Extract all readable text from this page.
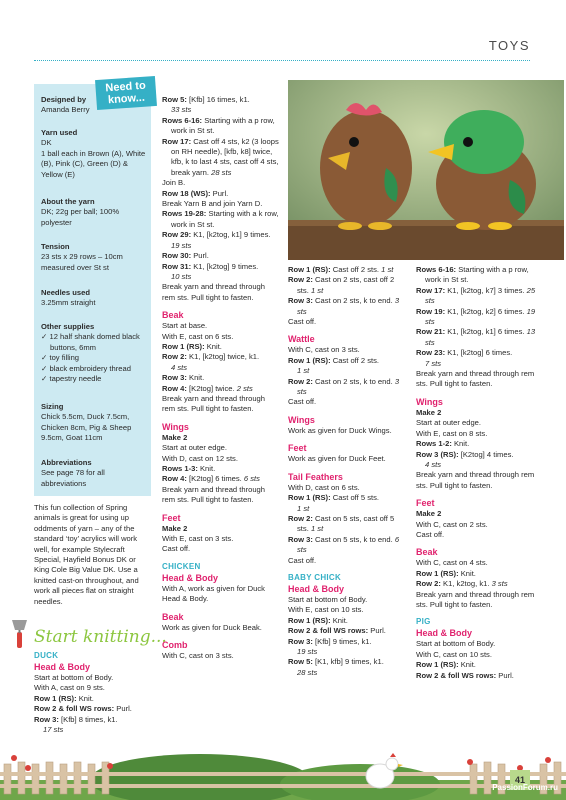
TOYS
Need to know...
Designed by
Amanda Berry
Yarn used
DK
1 ball each in Brown (A), White (B), Pink (C), Green (D) & Yellow (E)
About the yarn
DK; 22g per ball; 100% polyester
Tension
23 sts x 29 rows – 10cm measured over St st
Needles used
3.25mm straight
Other supplies
✓ 12 half shank domed black buttons, 6mm
✓ toy filling
✓ black embroidery thread
✓ tapestry needle
Sizing
Chick 5.5cm, Duck 7.5cm, Chicken 8cm, Pig & Sheep 9.5cm, Goat 11cm
Abbreviations
See page 78 for all abbreviations
This fun collection of Spring animals is great for using up oddments of yarn – any of the standard ‘toy’ acrylics will work well, for example Stylecraft Special, Hayfield Bonus DK or King Cole Big Value DK. Use a knitted cast-on throughout, and work all pieces flat on straight needles.
Start knitting...

DUCK

Head & Body

Start at bottom of Body.

With A, cast on 9 sts.

Row 1 (RS): Knit.

Row 2 & foll WS rows: Purl.

Row 3: [Kfb] 8 times, k1.
17 sts

Row 5: [Kfb] 16 times, k1.
33 sts

Rows 6-16: Starting with a p row, work in St st.

Row 17: Cast off 4 sts, k2 (3 loops on RH needle), [kfb, k8] twice, kfb, k to last 4 sts, cast off 4 sts, break yarn. 28 sts

Join B.

Row 18 (WS): Purl.

Break Yarn B and join Yarn D.

Rows 19-28: Starting with a k row, work in St st.

Row 29: K1, [k2tog, k1] 9 times. 19 sts

Row 30: Purl.

Row 31: K1, [k2tog] 9 times.
10 sts

Break yarn and thread through rem sts. Pull tight to fasten.

Beak

Start at base.

With E, cast on 6 sts.

Row 1 (RS): Knit.

Row 2: K1, [k2tog] twice, k1.
4 sts

Row 3: Knit.

Row 4: [K2tog] twice. 2 sts

Break yarn and thread through rem sts. Pull tight to fasten.

Wings

Make 2

Start at outer edge.

With D, cast on 12 sts.

Rows 1-3: Knit.

Row 4: [K2tog] 6 times. 6 sts

Break yarn and thread through rem sts. Pull tight to fasten.

Feet

Make 2

With E, cast on 3 sts.

Cast off.

CHICKEN

Head & Body

With A, work as given for Duck Head & Body.

Beak

Work as given for Duck Beak.

Comb

With C, cast on 3 sts.

Row 1 (RS): Cast off 2 sts. 1 st

Row 2: Cast on 2 sts, cast off 2 sts. 1 st

Row 3: Cast on 2 sts, k to end. 3 sts

Cast off.

Wattle

With C, cast on 3 sts.

Row 1 (RS): Cast off 2 sts.
1 st

Row 2: Cast on 2 sts, k to end. 3 sts

Cast off.

Wings

Work as given for Duck Wings.

Feet

Work as given for Duck Feet.

Tail Feathers

With D, cast on 6 sts.

Row 1 (RS): Cast off 5 sts.
1 st

Row 2: Cast on 5 sts, cast off 5 sts. 1 st

Row 3: Cast on 5 sts, k to end. 6 sts

Cast off.

BABY CHICK

Head & Body

Start at bottom of Body.

With E, cast on 10 sts.

Row 1 (RS): Knit.

Row 2 & foll WS rows: Purl.

Row 3: [Kfb] 9 times, k1.
19 sts

Row 5: [K1, kfb] 9 times, k1.
28 sts

Rows 6-16: Starting with a p row, work in St st.

Row 17: K1, [k2tog, k7] 3 times. 25 sts

Row 19: K1, [k2tog, k2] 6 times. 19 sts

Row 21: K1, [k2tog, k1] 6 times. 13 sts

Row 23: K1, [k2tog] 6 times.
7 sts

Break yarn and thread through rem sts. Pull tight to fasten.

Wings

Make 2

Start at outer edge.

With E, cast on 8 sts.

Rows 1-2: Knit.

Row 3 (RS): [K2tog] 4 times.
4 sts

Break yarn and thread through rem sts. Pull tight to fasten.

Feet

Make 2

With C, cast on 2 sts.

Cast off.

Beak

With C, cast on 4 sts.

Row 1 (RS): Knit.

Row 2: K1, k2tog, k1. 3 sts

Break yarn and thread through rem sts. Pull tight to fasten.

PIG

Head & Body

Start at bottom of Body.

With C, cast on 10 sts.

Row 1 (RS): Knit.

Row 2 & foll WS rows: Purl.

41
PassionForum.ru
